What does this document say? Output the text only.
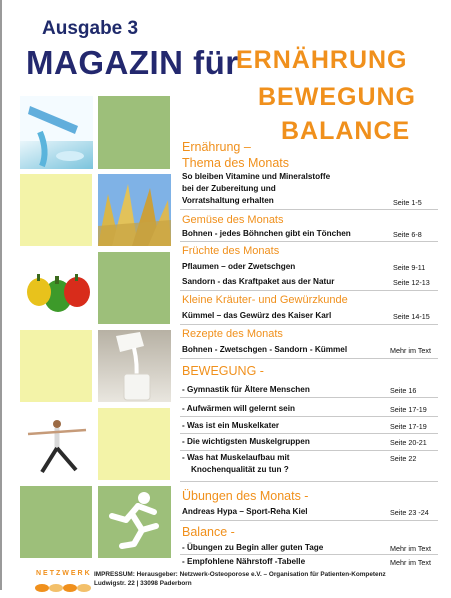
Ausgabe 3
MAGAZIN für
ERNÄHRUNG
BEWEGUNG
BALANCE
Ernährung –
Thema des Monats
So bleiben Vitamine und Mineralstoffe
bei der Zubereitung und
Vorratshaltung erhalten	Seite 1-5
Gemüse des Monats
Bohnen - jedes Böhnchen gibt ein Tönchen	Seite 6-8
Früchte des Monats
Pflaumen – oder Zwetschgen	Seite 9-11
Sandorn - das Kraftpaket aus der Natur	Seite 12-13
Kleine Kräuter- und Gewürzkunde
Kümmel – das Gewürz des Kaiser Karl	Seite 14-15
Rezepte des Monats
Bohnen - Zwetschgen - Sandorn - Kümmel	Mehr im Text
BEWEGUNG -
- Gymnastik für Ältere Menschen	Seite 16
- Aufwärmen will gelernt sein	Seite 17-19
- Was ist ein Muskelkater	Seite 17-19
- Die wichtigsten Muskelgruppen	Seite 20-21
- Was hat Muskelaufbau mit	Seite 22
Knochenqualität zu tun ?
Übungen des Monats -
Andreas Hypa – Sport-Reha Kiel	Seite 23 -24
Balance -
- Übungen zu Begin aller guten Tage	Mehr im Text
- Empfohlene Nährstoff -Tabelle	Mehr im Text
NETZWERK IMPRESSUM: Herausgeber: Netzwerk-Osteoporose e.V. – Organisation für Patienten-Kompetenz
Ludwigstr. 22 | 33098 Paderborn
